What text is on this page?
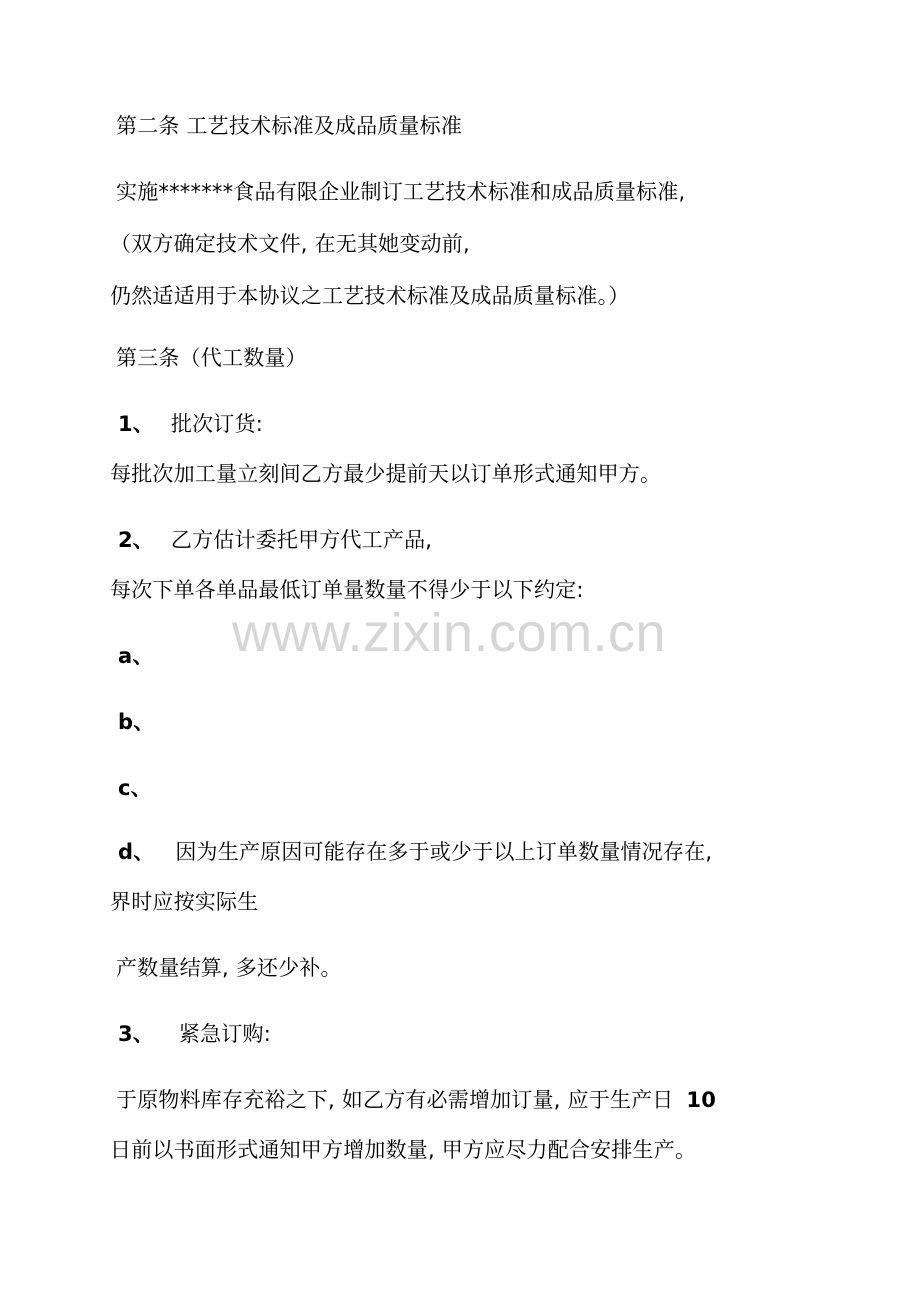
www.zixin.com.cn
第二条 工艺技术标准及成品质量标准
实施*******食品有限企业制订工艺技术标准和成品质量标准,
（双方确定技术文件, 在无其她变动前,
仍然适适用于本协议之工艺技术标准及成品质量标准。）
第三条（代工数量）
1、 批次订货:
每批次加工量立刻间乙方最少提前天以订单形式通知甲方。
2、 乙方估计委托甲方代工产品,
每次下单各单品最低订单量数量不得少于以下约定:
a、
b、
c、
d、 因为生产原因可能存在多于或少于以上订单数量情况存在,
界时应按实际生
产数量结算, 多还少补。
3、 紧急订购:
于原物料库存充裕之下, 如乙方有必需增加订量, 应于生产日 10
日前以书面形式通知甲方增加数量, 甲方应尽力配合安排生产。
